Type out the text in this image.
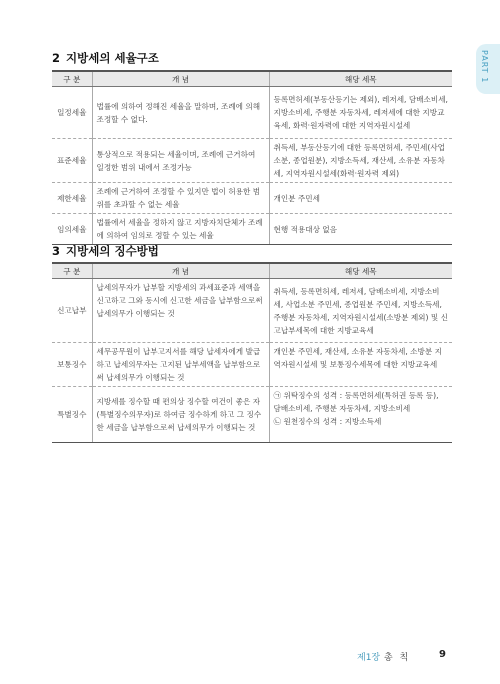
PART 1
2 지방세의 세율구조
구 분	개 념	해당 세목
일정세율	법률에 의하여 정해진 세율을 말하며, 조례에 의해 조정할 수 없다.	등록면허세(부동산등기는 제외), 레저세, 담배소비세, 지방소비세, 주행분 자동차세, 레저세에 대한 지방교육세, 화력·원자력에 대한 지역자원시설세
표준세율	통상적으로 적용되는 세율이며, 조례에 근거하여 일정한 범위 내에서 조정가능	취득세, 부동산등기에 대한 등록면허세, 주민세(사업소분, 종업원분), 지방소득세, 재산세, 소유분 자동차세, 지역자원시설세(화력·원자력 제외)
제한세율	조례에 근거하여 조정할 수 있지만 법이 허용한 범위를 초과할 수 없는 세율	개인분 주민세
임의세율	법률에서 세율을 정하지 않고 지방자치단체가 조례에 의하여 임의로 정할 수 있는 세율	현행 적용대상 없음
3 지방세의 징수방법
구 분	개 념	해당 세목
신고납부	납세의무자가 납부할 지방세의 과세표준과 세액을 신고하고 그와 동시에 신고한 세금을 납부함으로써 납세의무가 이행되는 것	취득세, 등록면허세, 레저세, 담배소비세, 지방소비세, 사업소분 주민세, 종업원분 주민세, 지방소득세, 주행분 자동차세, 지역자원시설세(소방분 제외) 및 신고납부세목에 대한 지방교육세
보통징수	세무공무원이 납부고지서를 해당 납세자에게 발급하고 납세의무자는 고지된 납부세액을 납부함으로써 납세의무가 이행되는 것	개인분 주민세, 재산세, 소유분 자동차세, 소방분 지역자원시설세 및 보통징수세목에 대한 지방교육세
특별징수	지방세를 징수할 때 편의상 징수할 여건이 좋은 자(특별징수의무자)로 하여금 징수하게 하고 그 징수한 세금을 납부함으로써 납세의무가 이행되는 것	㉠ 위탁징수의 성격 : 등록면허세(특허권 등록 등), 담배소비세, 주행분 자동차세, 지방소비세
㉡ 원천징수의 성격 : 지방소득세
제1장 총 칙	9
